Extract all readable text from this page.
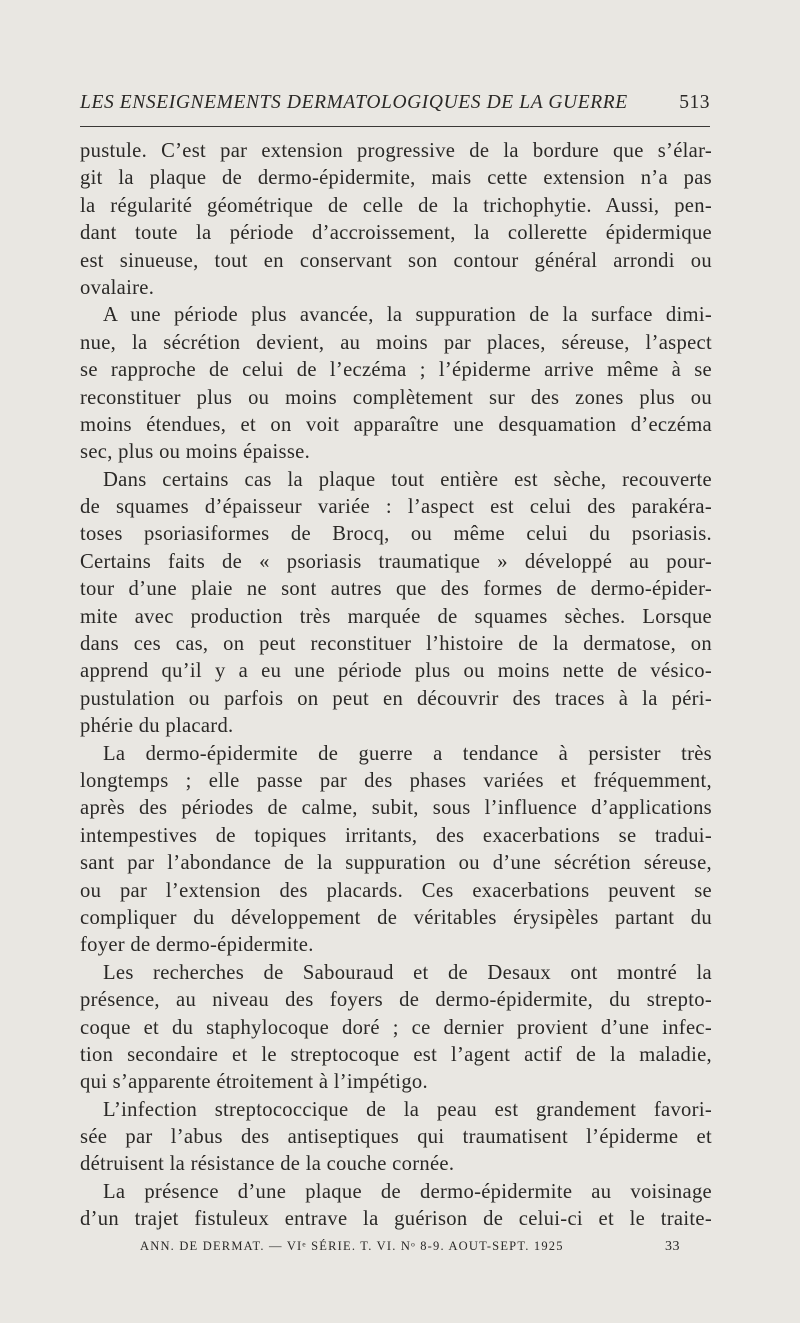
LES ENSEIGNEMENTS DERMATOLOGIQUES DE LA GUERRE	513
pustule. C’est par extension progressive de la bordure que s’élar-
git la plaque de dermo-épidermite, mais cette extension n’a pas
la régularité géométrique de celle de la trichophytie. Aussi, pen-
dant toute la période d’accroissement, la collerette épidermique
est sinueuse, tout en conservant son contour général arrondi ou
ovalaire.
A une période plus avancée, la suppuration de la surface dimi-
nue, la sécrétion devient, au moins par places, séreuse, l’aspect
se rapproche de celui de l’eczéma ; l’épiderme arrive même à se
reconstituer plus ou moins complètement sur des zones plus ou
moins étendues, et on voit apparaître une desquamation d’eczéma
sec, plus ou moins épaisse.
Dans certains cas la plaque tout entière est sèche, recouverte
de squames d’épaisseur variée : l’aspect est celui des parakéra-
toses psoriasiformes de Brocq, ou même celui du psoriasis.
Certains faits de « psoriasis traumatique » développé au pour-
tour d’une plaie ne sont autres que des formes de dermo-épider-
mite avec production très marquée de squames sèches. Lorsque
dans ces cas, on peut reconstituer l’histoire de la dermatose, on
apprend qu’il y a eu une période plus ou moins nette de vésico-
pustulation ou parfois on peut en découvrir des traces à la péri-
phérie du placard.
La dermo-épidermite de guerre a tendance à persister très
longtemps ; elle passe par des phases variées et fréquemment,
après des périodes de calme, subit, sous l’influence d’applications
intempestives de topiques irritants, des exacerbations se tradui-
sant par l’abondance de la suppuration ou d’une sécrétion séreuse,
ou par l’extension des placards. Ces exacerbations peuvent se
compliquer du développement de véritables érysipèles partant du
foyer de dermo-épidermite.
Les recherches de Sabouraud et de Desaux ont montré la
présence, au niveau des foyers de dermo-épidermite, du strepto-
coque et du staphylocoque doré ; ce dernier provient d’une infec-
tion secondaire et le streptocoque est l’agent actif de la maladie,
qui s’apparente étroitement à l’impétigo.
L’infection streptococcique de la peau est grandement favori-
sée par l’abus des antiseptiques qui traumatisent l’épiderme et
détruisent la résistance de la couche cornée.
La présence d’une plaque de dermo-épidermite au voisinage
d’un trajet fistuleux entrave la guérison de celui-ci et le traite-
ANN. DE DERMAT. — VIᵉ SÉRIE. T. VI. Nᵒ 8-9. AOUT-SEPT. 1925	33
